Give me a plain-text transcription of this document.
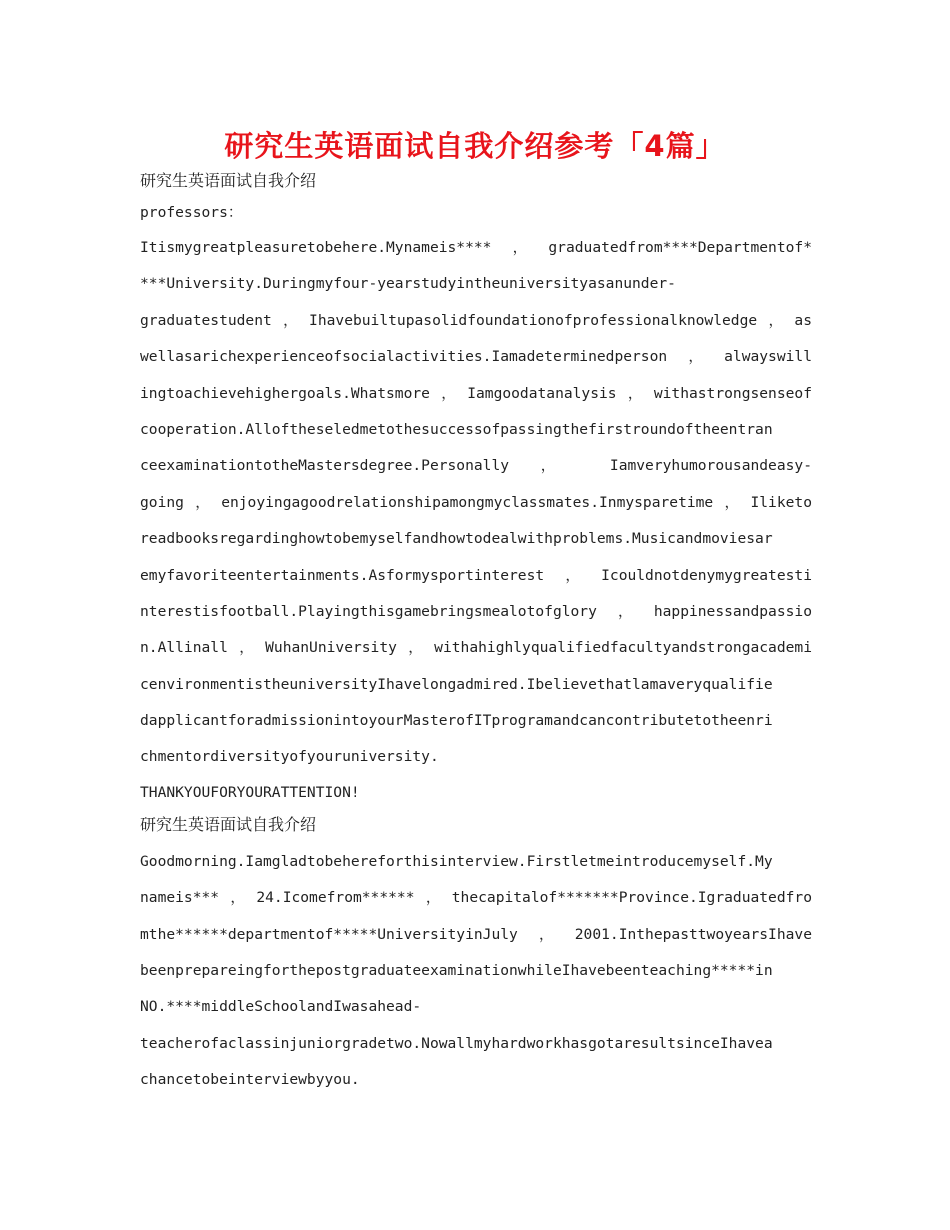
研究生英语面试自我介绍参考「4篇」

研究生英语面试自我介绍

professors：

Itismygreatpleasuretobehere.Mynameis****，graduatedfrom****Departmentof*

***University.Duringmyfour-yearstudyintheuniversityasanunder-

graduatestudent，Ihavebuiltupasolidfoundationofprofessionalknowledge，as

wellasarichexperienceofsocialactivities.Iamadeterminedperson，alwayswill

ingtoachievehighergoals.Whatsmore，Iamgoodatanalysis，withastrongsenseof

cooperation.Alloftheseledmetothesuccessofpassingthefirstroundoftheentran

ceexaminationtotheMastersdegree.Personally ， Iamveryhumorousandeasy-

going，enjoyingagoodrelationshipamongmyclassmates.Inmysparetime，Iliketo

readbooksregardinghowtobemyselfandhowtodealwithproblems.Musicandmoviesar

emyfavoriteentertainments.Asformysportinterest，Icouldnotdenymygreatesti

nterestisfootball.Playingthisgamebringsmealotofglory，happinessandpassio

n.Allinall，WuhanUniversity，withahighlyqualifiedfacultyandstrongacademi

cenvironmentistheuniversityIhavelongadmired.Ibelievethatlamaveryqualifie

dapplicantforadmissionintoyourMasterofITprogramandcancontributetotheenri

chmentordiversityofyouruniversity.

THANKYOUFORYOURATTENTION!

研究生英语面试自我介绍

Goodmorning.Iamgladtobehereforthisinterview.Firstletmeintroducemyself.My

nameis***，24.Icomefrom******，thecapitalof*******Province.Igraduatedfro

mthe******departmentof*****UniversityinJuly，2001.InthepasttwoyearsIhave

beenprepareingforthepostgraduateexaminationwhileIhavebeenteaching*****in

NO.****middleSchoolandIwasahead-

teacherofaclassinjuniorgradetwo.NowallmyhardworkhasgotaresultsinceIhavea

chancetobeinterviewbyyou.
